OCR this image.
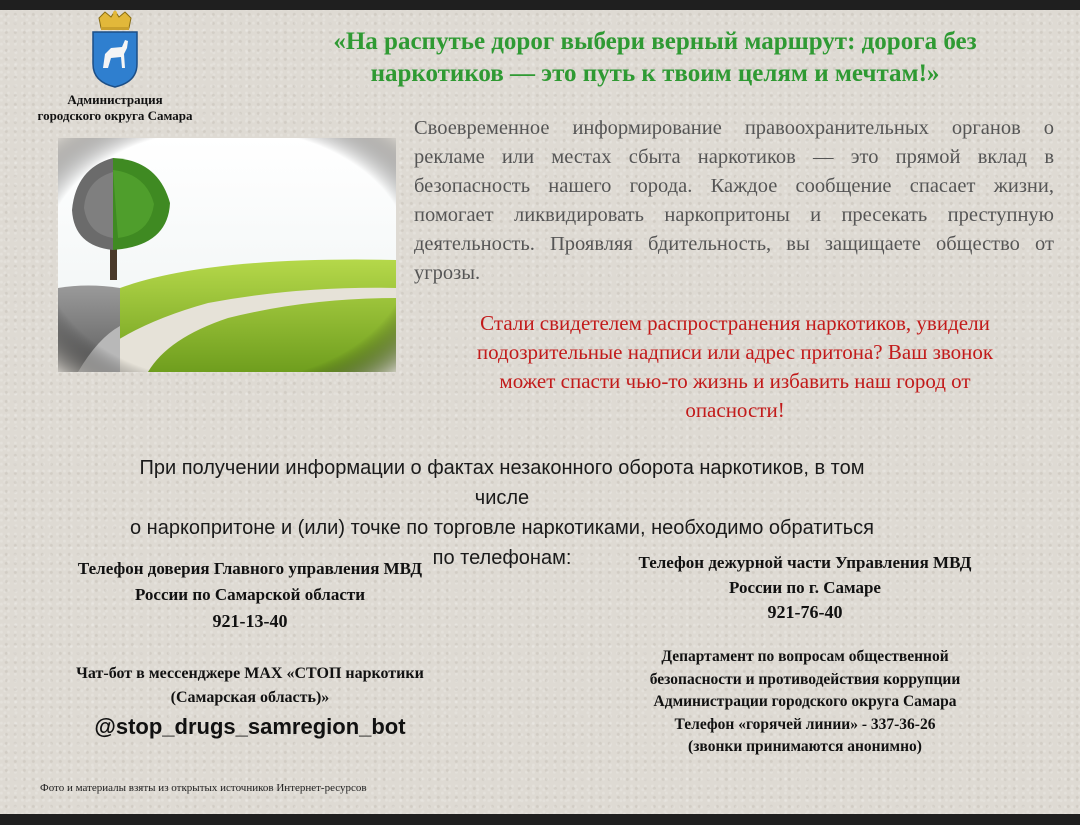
Администрация
городского округа Самара
«На распутье дорог выбери верный маршрут: дорога без
наркотиков — это путь к твоим целям и мечтам!»
Своевременное информирование правоохранительных органов о рекламе или местах сбыта наркотиков — это прямой вклад в безопасность нашего города. Каждое сообщение спасает жизни, помогает ликвидировать наркопритоны и пресекать преступную деятельность. Проявляя бдительность, вы защищаете общество от угрозы.
Стали свидетелем распространения наркотиков, увидели
подозрительные надписи или адрес притона? Ваш звонок
может спасти чью-то жизнь и избавить наш город от
опасности!
При получении информации о фактах незаконного оборота наркотиков, в том числе
о наркопритоне и (или) точке по торговле наркотиками, необходимо обратиться
по телефонам:
Телефон доверия Главного управления МВД
России по Самарской области
921-13-40
Телефон дежурной части Управления МВД
России по г. Самаре
921-76-40
Чат-бот в мессенджере MAX «СТОП наркотики
(Самарская область)»
@stop_drugs_samregion_bot
Департамент по вопросам общественной
безопасности и противодействия коррупции
Администрации городского округа Самара
Телефон «горячей линии» - 337-36-26
(звонки принимаются анонимно)
Фото и материалы взяты из открытых источников Интернет-ресурсов
